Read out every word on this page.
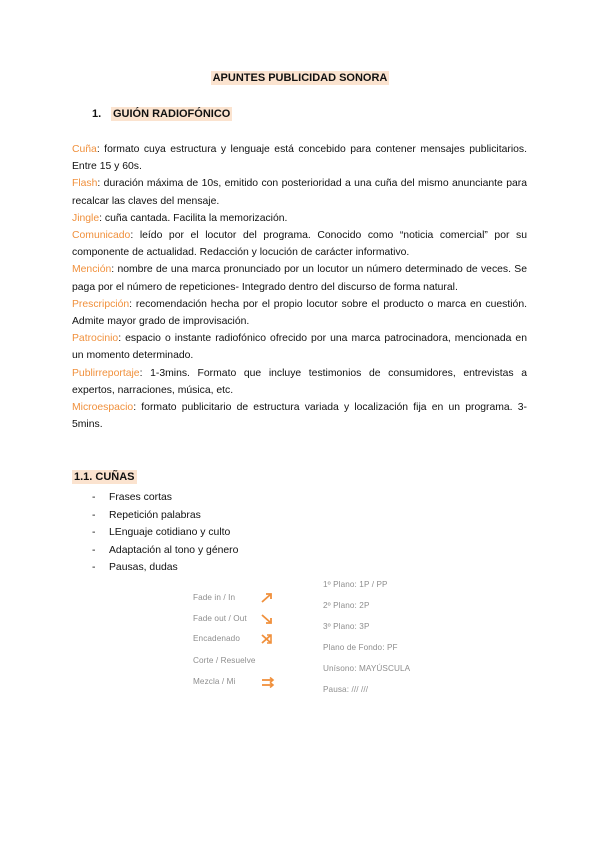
APUNTES PUBLICIDAD SONORA
1. GUIÓN RADIOFÓNICO

Cuña: formato cuya estructura y lenguaje está concebido para contener mensajes publicitarios. Entre 15 y 60s.

Flash: duración máxima de 10s, emitido con posterioridad a una cuña del mismo anunciante para recalcar las claves del mensaje.

Jingle: cuña cantada. Facilita la memorización.

Comunicado: leído por el locutor del programa. Conocido como “noticia comercial” por su componente de actualidad. Redacción y locución de carácter informativo.

Mención: nombre de una marca pronunciado por un locutor un número determinado de veces. Se paga por el número de repeticiones- Integrado dentro del discurso de forma natural.

Prescripción: recomendación hecha por el propio locutor sobre el producto o marca en cuestión. Admite mayor grado de improvisación.

Patrocinio: espacio o instante radiofónico ofrecido por una marca patrocinadora, mencionada en un momento determinado.

Publirreportaje: 1-3mins. Formato que incluye testimonios de consumidores, entrevistas a expertos, narraciones, música, etc.

Microespacio: formato publicitario de estructura variada y localización fija en un programa. 3-5mins.

1.1. CUÑAS
- Frases cortas
- Repetición palabras
- LEnguaje cotidiano y culto
- Adaptación al tono y género
- Pausas, dudas
Fade in / In
Fade out / Out
Encadenado
Corte / Resuelve
Mezcla / Mi
1º Plano: 1P / PP
2º Plano: 2P
3º Plano: 3P
Plano de Fondo: PF
Unísono: MAYÚSCULA
Pausa: /// ///
